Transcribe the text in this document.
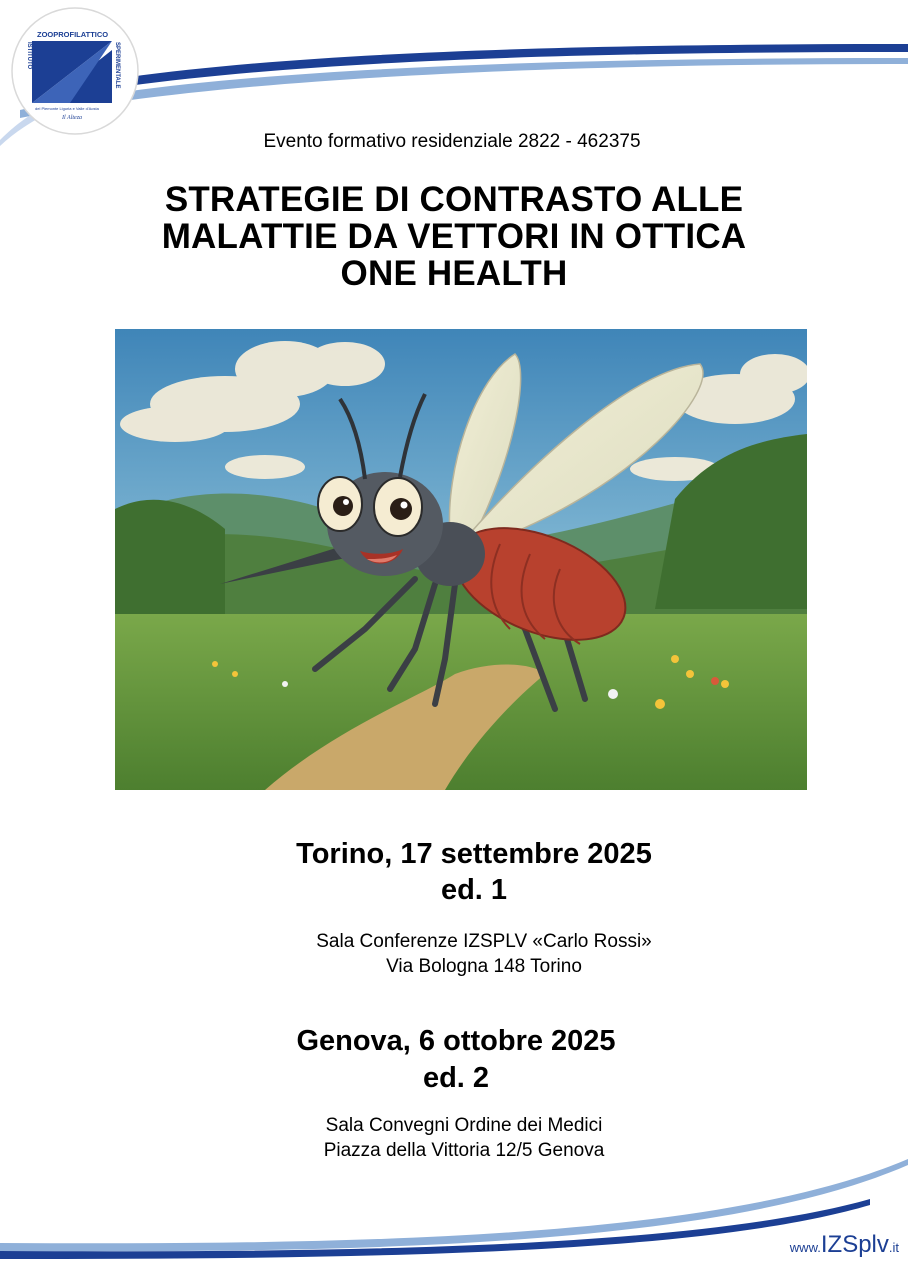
ZOOPROFILATTICO
ISTITUTO	SPERIMENTALE
del Piemonte Liguria e Valle d'Aosta
Il Alteza
Evento formativo residenziale 2822 - 462375
STRATEGIE DI CONTRASTO ALLE
MALATTIE DA VETTORI IN OTTICA
ONE HEALTH
Torino, 17 settembre 2025
ed. 1
Sala Conferenze IZSPLV «Carlo Rossi»
Via Bologna 148 Torino
Genova, 6 ottobre 2025
ed. 2
Sala Convegni Ordine dei Medici
Piazza della Vittoria 12/5 Genova
www.IZSplv.it
